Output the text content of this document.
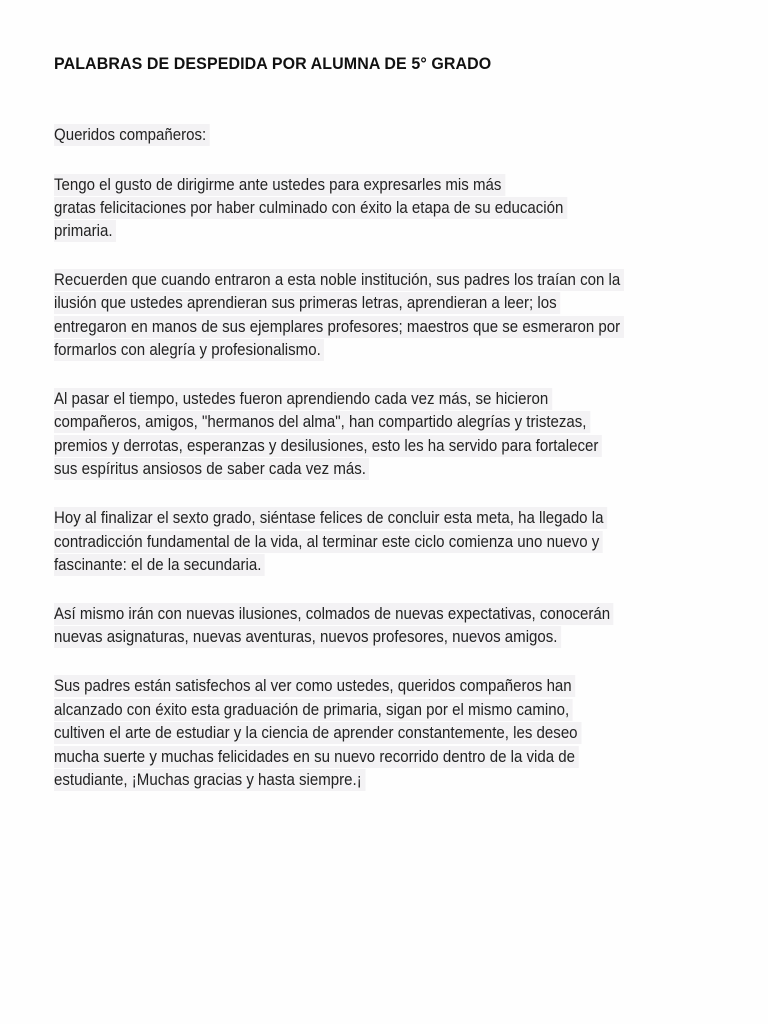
PALABRAS DE DESPEDIDA POR ALUMNA DE 5° GRADO
Queridos compañeros:
Tengo el gusto de dirigirme ante ustedes para expresarles mis más
gratas felicitaciones por haber culminado con éxito la etapa de su educación
primaria.
Recuerden que cuando entraron a esta noble institución, sus padres los traían con la
ilusión que ustedes aprendieran sus primeras letras, aprendieran a leer; los
entregaron en manos de sus ejemplares profesores; maestros que se esmeraron por
formarlos con alegría y profesionalismo.
Al pasar el tiempo, ustedes fueron aprendiendo cada vez más, se hicieron
compañeros, amigos, "hermanos del alma", han compartido alegrías y tristezas,
premios y derrotas, esperanzas y desilusiones, esto les ha servido para fortalecer
sus espíritus ansiosos de saber cada vez más.
Hoy al finalizar el sexto grado, siéntase felices de concluir esta meta, ha llegado la
contradicción fundamental de la vida, al terminar este ciclo comienza uno nuevo y
fascinante: el de la secundaria.
Así mismo irán con nuevas ilusiones, colmados de nuevas expectativas, conocerán
nuevas asignaturas, nuevas aventuras, nuevos profesores, nuevos amigos.
Sus padres están satisfechos al ver como ustedes, queridos compañeros han
alcanzado con éxito esta graduación de primaria, sigan por el mismo camino,
cultiven el arte de estudiar y la ciencia de aprender constantemente, les deseo
mucha suerte y muchas felicidades en su nuevo recorrido dentro de la vida de
estudiante, ¡Muchas gracias y hasta siempre.¡
